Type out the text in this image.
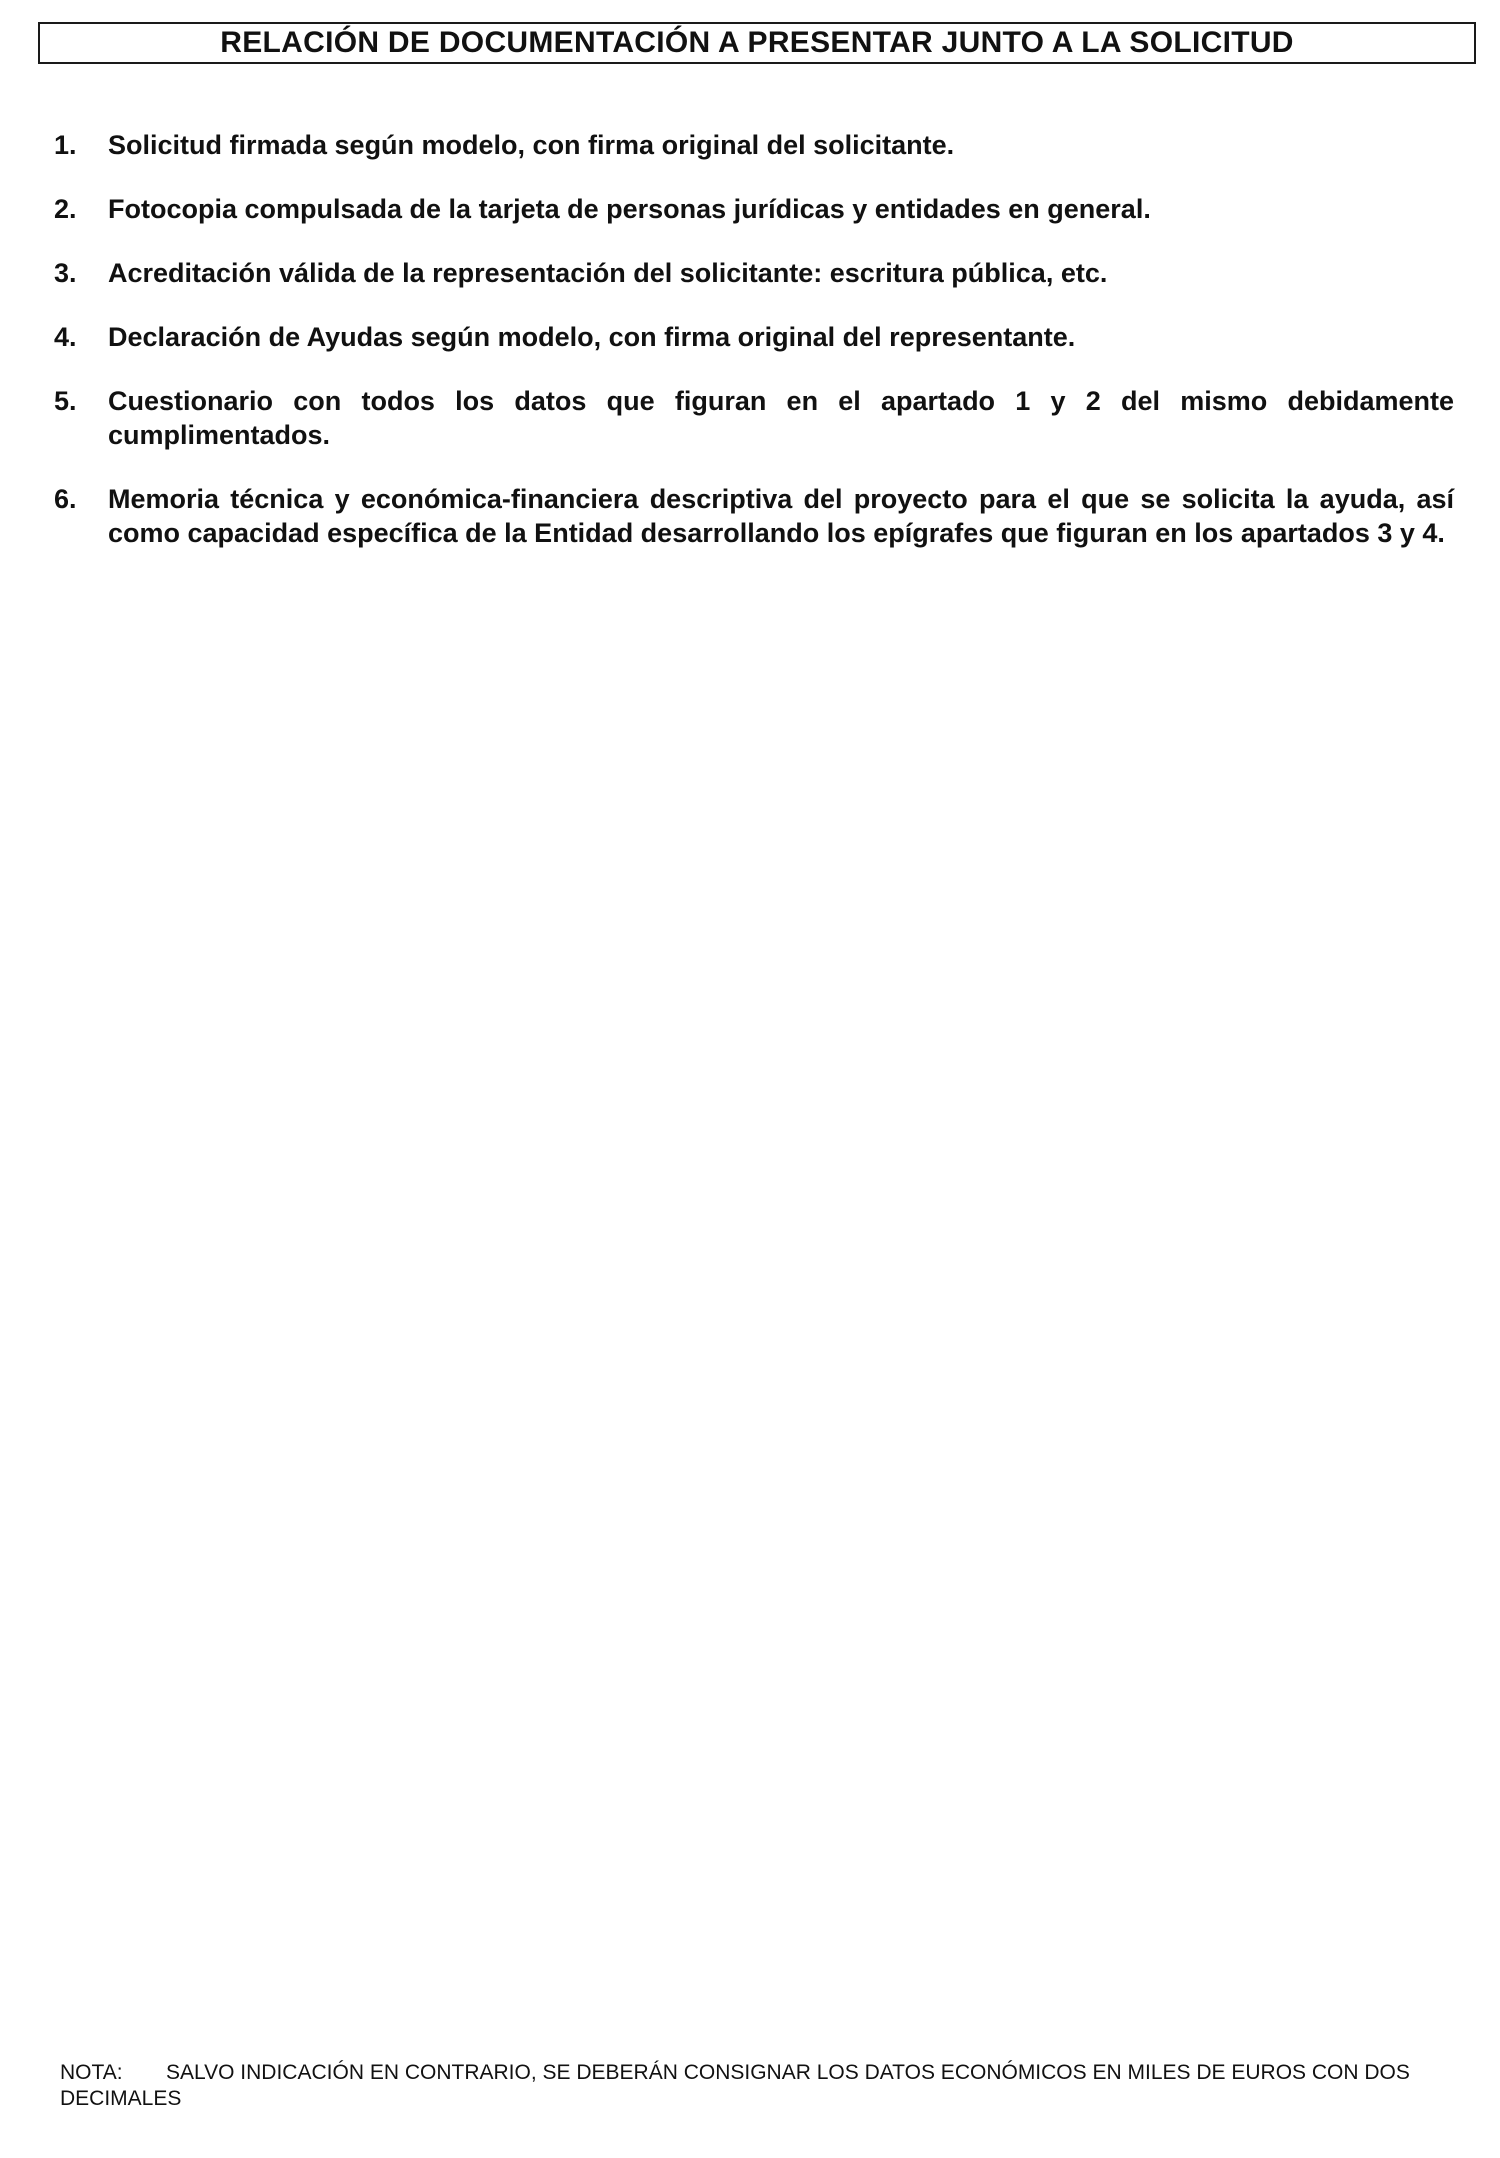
RELACIÓN DE DOCUMENTACIÓN A PRESENTAR JUNTO A LA SOLICITUD
1.	Solicitud firmada según modelo, con firma original del solicitante.
2.	Fotocopia compulsada de la tarjeta de personas jurídicas y entidades en general.
3.	Acreditación válida de la representación del solicitante: escritura pública, etc.
4.	Declaración de Ayudas según modelo, con firma original del representante.
5.	Cuestionario con todos los datos que figuran en el apartado 1 y 2 del mismo debidamente cumplimentados.
6.	Memoria técnica y económica-financiera descriptiva del proyecto para el que se solicita la ayuda, así como capacidad específica de la Entidad desarrollando los epígrafes que figuran en los apartados 3 y 4.
NOTA: SALVO INDICACIÓN EN CONTRARIO, SE DEBERÁN CONSIGNAR LOS DATOS ECONÓMICOS EN MILES DE EUROS CON DOS DECIMALES
